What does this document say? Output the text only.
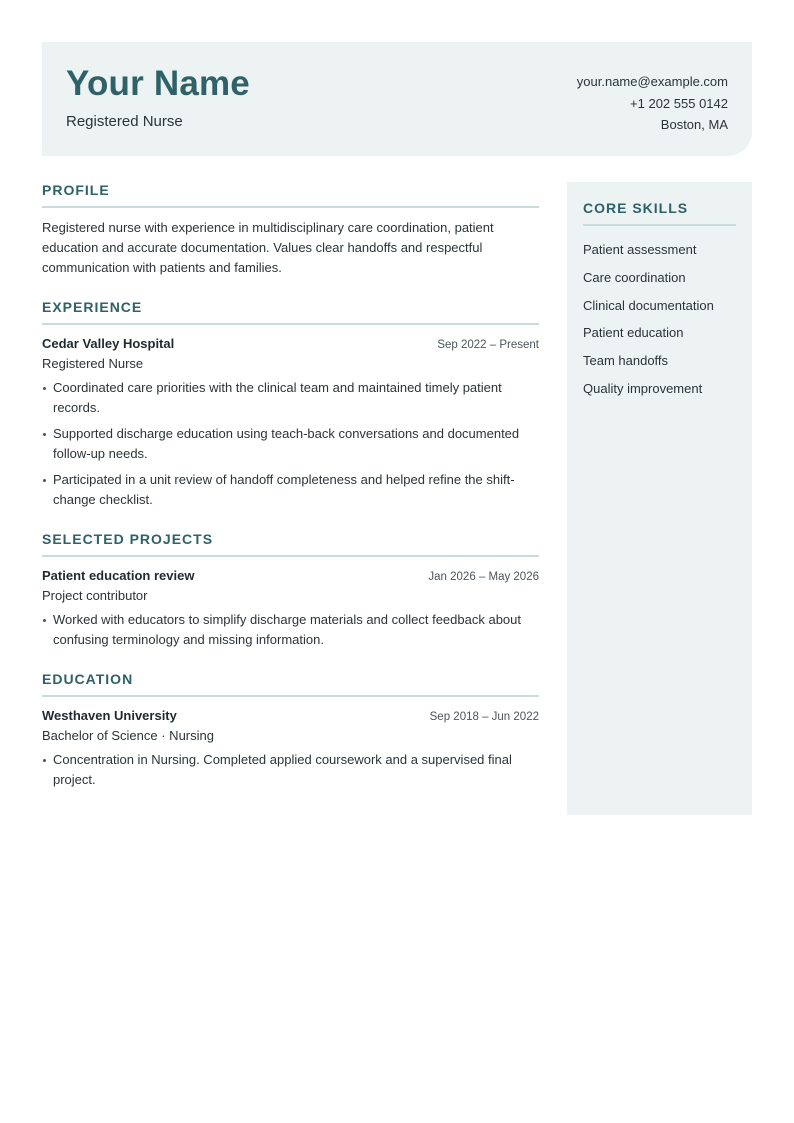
Your Name
Registered Nurse
your.name@example.com
+1 202 555 0142
Boston, MA
PROFILE

Registered nurse with experience in multidisciplinary care coordination, patient education and accurate documentation. Values clear handoffs and respectful communication with patients and families.

EXPERIENCE
Cedar Valley Hospital	Sep 2022 – Present
Registered Nurse
Coordinated care priorities with the clinical team and maintained timely patient records.
Supported discharge education using teach-back conversations and documented follow-up needs.
Participated in a unit review of handoff completeness and helped refine the shift-change checklist.
SELECTED PROJECTS
Patient education review	Jan 2026 – May 2026
Project contributor
Worked with educators to simplify discharge materials and collect feedback about confusing terminology and missing information.
EDUCATION
Westhaven University	Sep 2018 – Jun 2022
Bachelor of Science · Nursing
Concentration in Nursing. Completed applied coursework and a supervised final project.
CORE SKILLS
Patient assessment
Care coordination
Clinical documentation
Patient education
Team handoffs
Quality improvement
